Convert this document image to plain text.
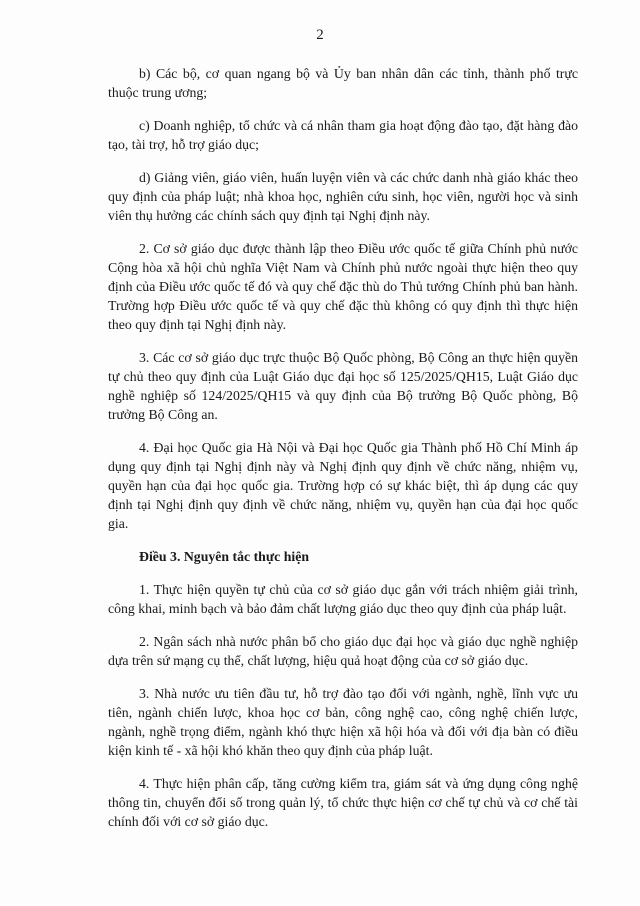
2

b) Các bộ, cơ quan ngang bộ và Ủy ban nhân dân các tỉnh, thành phố trực thuộc trung ương;

c) Doanh nghiệp, tổ chức và cá nhân tham gia hoạt động đào tạo, đặt hàng đào tạo, tài trợ, hỗ trợ giáo dục;

d) Giảng viên, giáo viên, huấn luyện viên và các chức danh nhà giáo khác theo quy định của pháp luật; nhà khoa học, nghiên cứu sinh, học viên, người học và sinh viên thụ hưởng các chính sách quy định tại Nghị định này.

2. Cơ sở giáo dục được thành lập theo Điều ước quốc tế giữa Chính phủ nước Cộng hòa xã hội chủ nghĩa Việt Nam và Chính phủ nước ngoài thực hiện theo quy định của Điều ước quốc tế đó và quy chế đặc thù do Thủ tướng Chính phủ ban hành. Trường hợp Điều ước quốc tế và quy chế đặc thù không có quy định thì thực hiện theo quy định tại Nghị định này.

3. Các cơ sở giáo dục trực thuộc Bộ Quốc phòng, Bộ Công an thực hiện quyền tự chủ theo quy định của Luật Giáo dục đại học số 125/2025/QH15, Luật Giáo dục nghề nghiệp số 124/2025/QH15 và quy định của Bộ trưởng Bộ Quốc phòng, Bộ trưởng Bộ Công an.

4. Đại học Quốc gia Hà Nội và Đại học Quốc gia Thành phố Hồ Chí Minh áp dụng quy định tại Nghị định này và Nghị định quy định về chức năng, nhiệm vụ, quyền hạn của đại học quốc gia. Trường hợp có sự khác biệt, thì áp dụng các quy định tại Nghị định quy định về chức năng, nhiệm vụ, quyền hạn của đại học quốc gia.

Điều 3. Nguyên tắc thực hiện

1. Thực hiện quyền tự chủ của cơ sở giáo dục gắn với trách nhiệm giải trình, công khai, minh bạch và bảo đảm chất lượng giáo dục theo quy định của pháp luật.

2. Ngân sách nhà nước phân bổ cho giáo dục đại học và giáo dục nghề nghiệp dựa trên sứ mạng cụ thể, chất lượng, hiệu quả hoạt động của cơ sở giáo dục.

3. Nhà nước ưu tiên đầu tư, hỗ trợ đào tạo đối với ngành, nghề, lĩnh vực ưu tiên, ngành chiến lược, khoa học cơ bản, công nghệ cao, công nghệ chiến lược, ngành, nghề trọng điểm, ngành khó thực hiện xã hội hóa và đối với địa bàn có điều kiện kinh tế - xã hội khó khăn theo quy định của pháp luật.

4. Thực hiện phân cấp, tăng cường kiểm tra, giám sát và ứng dụng công nghệ thông tin, chuyển đổi số trong quản lý, tổ chức thực hiện cơ chế tự chủ và cơ chế tài chính đối với cơ sở giáo dục.
